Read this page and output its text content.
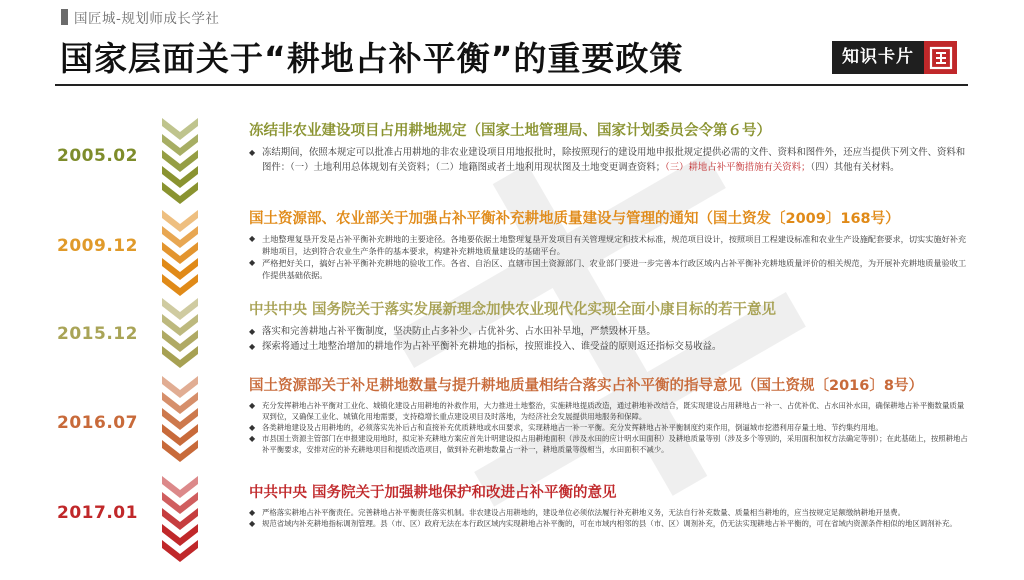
国匠城-规划师成长学社
国家层面关于“耕地占补平衡”的重要政策	知识卡片
2005.02
2009.12
2015.12
2016.07
2017.01
冻结非农业建设项目占用耕地规定（国家土地管理局、国家计划委员会令第６号）
◆ 冻结期间，依照本规定可以批准占用耕地的非农业建设项目用地报批时，除按照现行的建设用地申报批规定提供必需的文件、资料和图件外，还应当提供下列文件、资料和图件：（一）土地利用总体规划有关资料；（二）地籍图或者土地利用现状图及土地变更调查资料；（三）耕地占补平衡措施有关资料；（四）其他有关材料。
国土资源部、农业部关于加强占补平衡补充耕地质量建设与管理的通知（国土资发〔2009〕168号）
◆ 土地整理复垦开发是占补平衡补充耕地的主要途径。各地要依据土地整理复垦开发项目有关管理规定和技术标准，规范项目设计，按照项目工程建设标准和农业生产设施配套要求，切实实施好补充耕地项目，达到符合农业生产条件的基本要求，构建补充耕地质量建设的基础平台。
◆ 严格把好关口，搞好占补平衡补充耕地的验收工作。各省、自治区、直辖市国土资源部门、农业部门要进一步完善本行政区域内占补平衡补充耕地质量评价的相关规范，为开展补充耕地质量验收工作提供基础依据。
中共中央 国务院关于落实发展新理念加快农业现代化实现全面小康目标的若干意见
◆ 落实和完善耕地占补平衡制度，坚决防止占多补少、占优补劣、占水田补旱地，严禁毁林开垦。
◆ 探索将通过土地整治增加的耕地作为占补平衡补充耕地的指标，按照谁投入、谁受益的原则返还指标交易收益。
国土资源部关于补足耕地数量与提升耕地质量相结合落实占补平衡的指导意见（国土资规〔2016〕8号）
◆ 充分发挥耕地占补平衡对工业化、城镇化建设占用耕地的补救作用，大力推进土地整治，实施耕地提质改造，通过耕地补改结合，既实现建设占用耕地占一补一、占优补优、占水田补水田，确保耕地占补平衡数量质量双到位，又确保工业化、城镇化用地需要，支持稳增长重点建设项目及时落地，为经济社会发展提供用地服务和保障。
◆ 各类耕地建设及占用耕地的，必须落实先补后占和直接补充优质耕地或水田要求，实现耕地占一补一平衡。充分发挥耕地占补平衡制度约束作用，倒逼城市挖潜利用存量土地、节约集约用地。
◆ 市县国土资源主管部门在申报建设用地时，拟定补充耕地方案应首先计明建设拟占用耕地面积（涉及水田的应计明水田面积）及耕地质量等别（涉及多个等别的，采用面积加权方法确定等别）；在此基础上，按照耕地占补平衡要求，安排对应的补充耕地项目和提质改造项目，做到补充耕地数量占一补一，耕地质量等级相当，水田面积不减少。
中共中央 国务院关于加强耕地保护和改进占补平衡的意见
◆ 严格落实耕地占补平衡责任。完善耕地占补平衡责任落实机制。非农建设占用耕地的，建设单位必须依法履行补充耕地义务，无法自行补充数量、质量相当耕地的，应当按规定足额缴纳耕地开垦费。
◆ 规范省域内补充耕地指标调剂管理。县（市、区）政府无法在本行政区域内实现耕地占补平衡的，可在市域内相邻的县（市、区）调剂补充，仍无法实现耕地占补平衡的，可在省域内资源条件相似的地区调剂补充。
